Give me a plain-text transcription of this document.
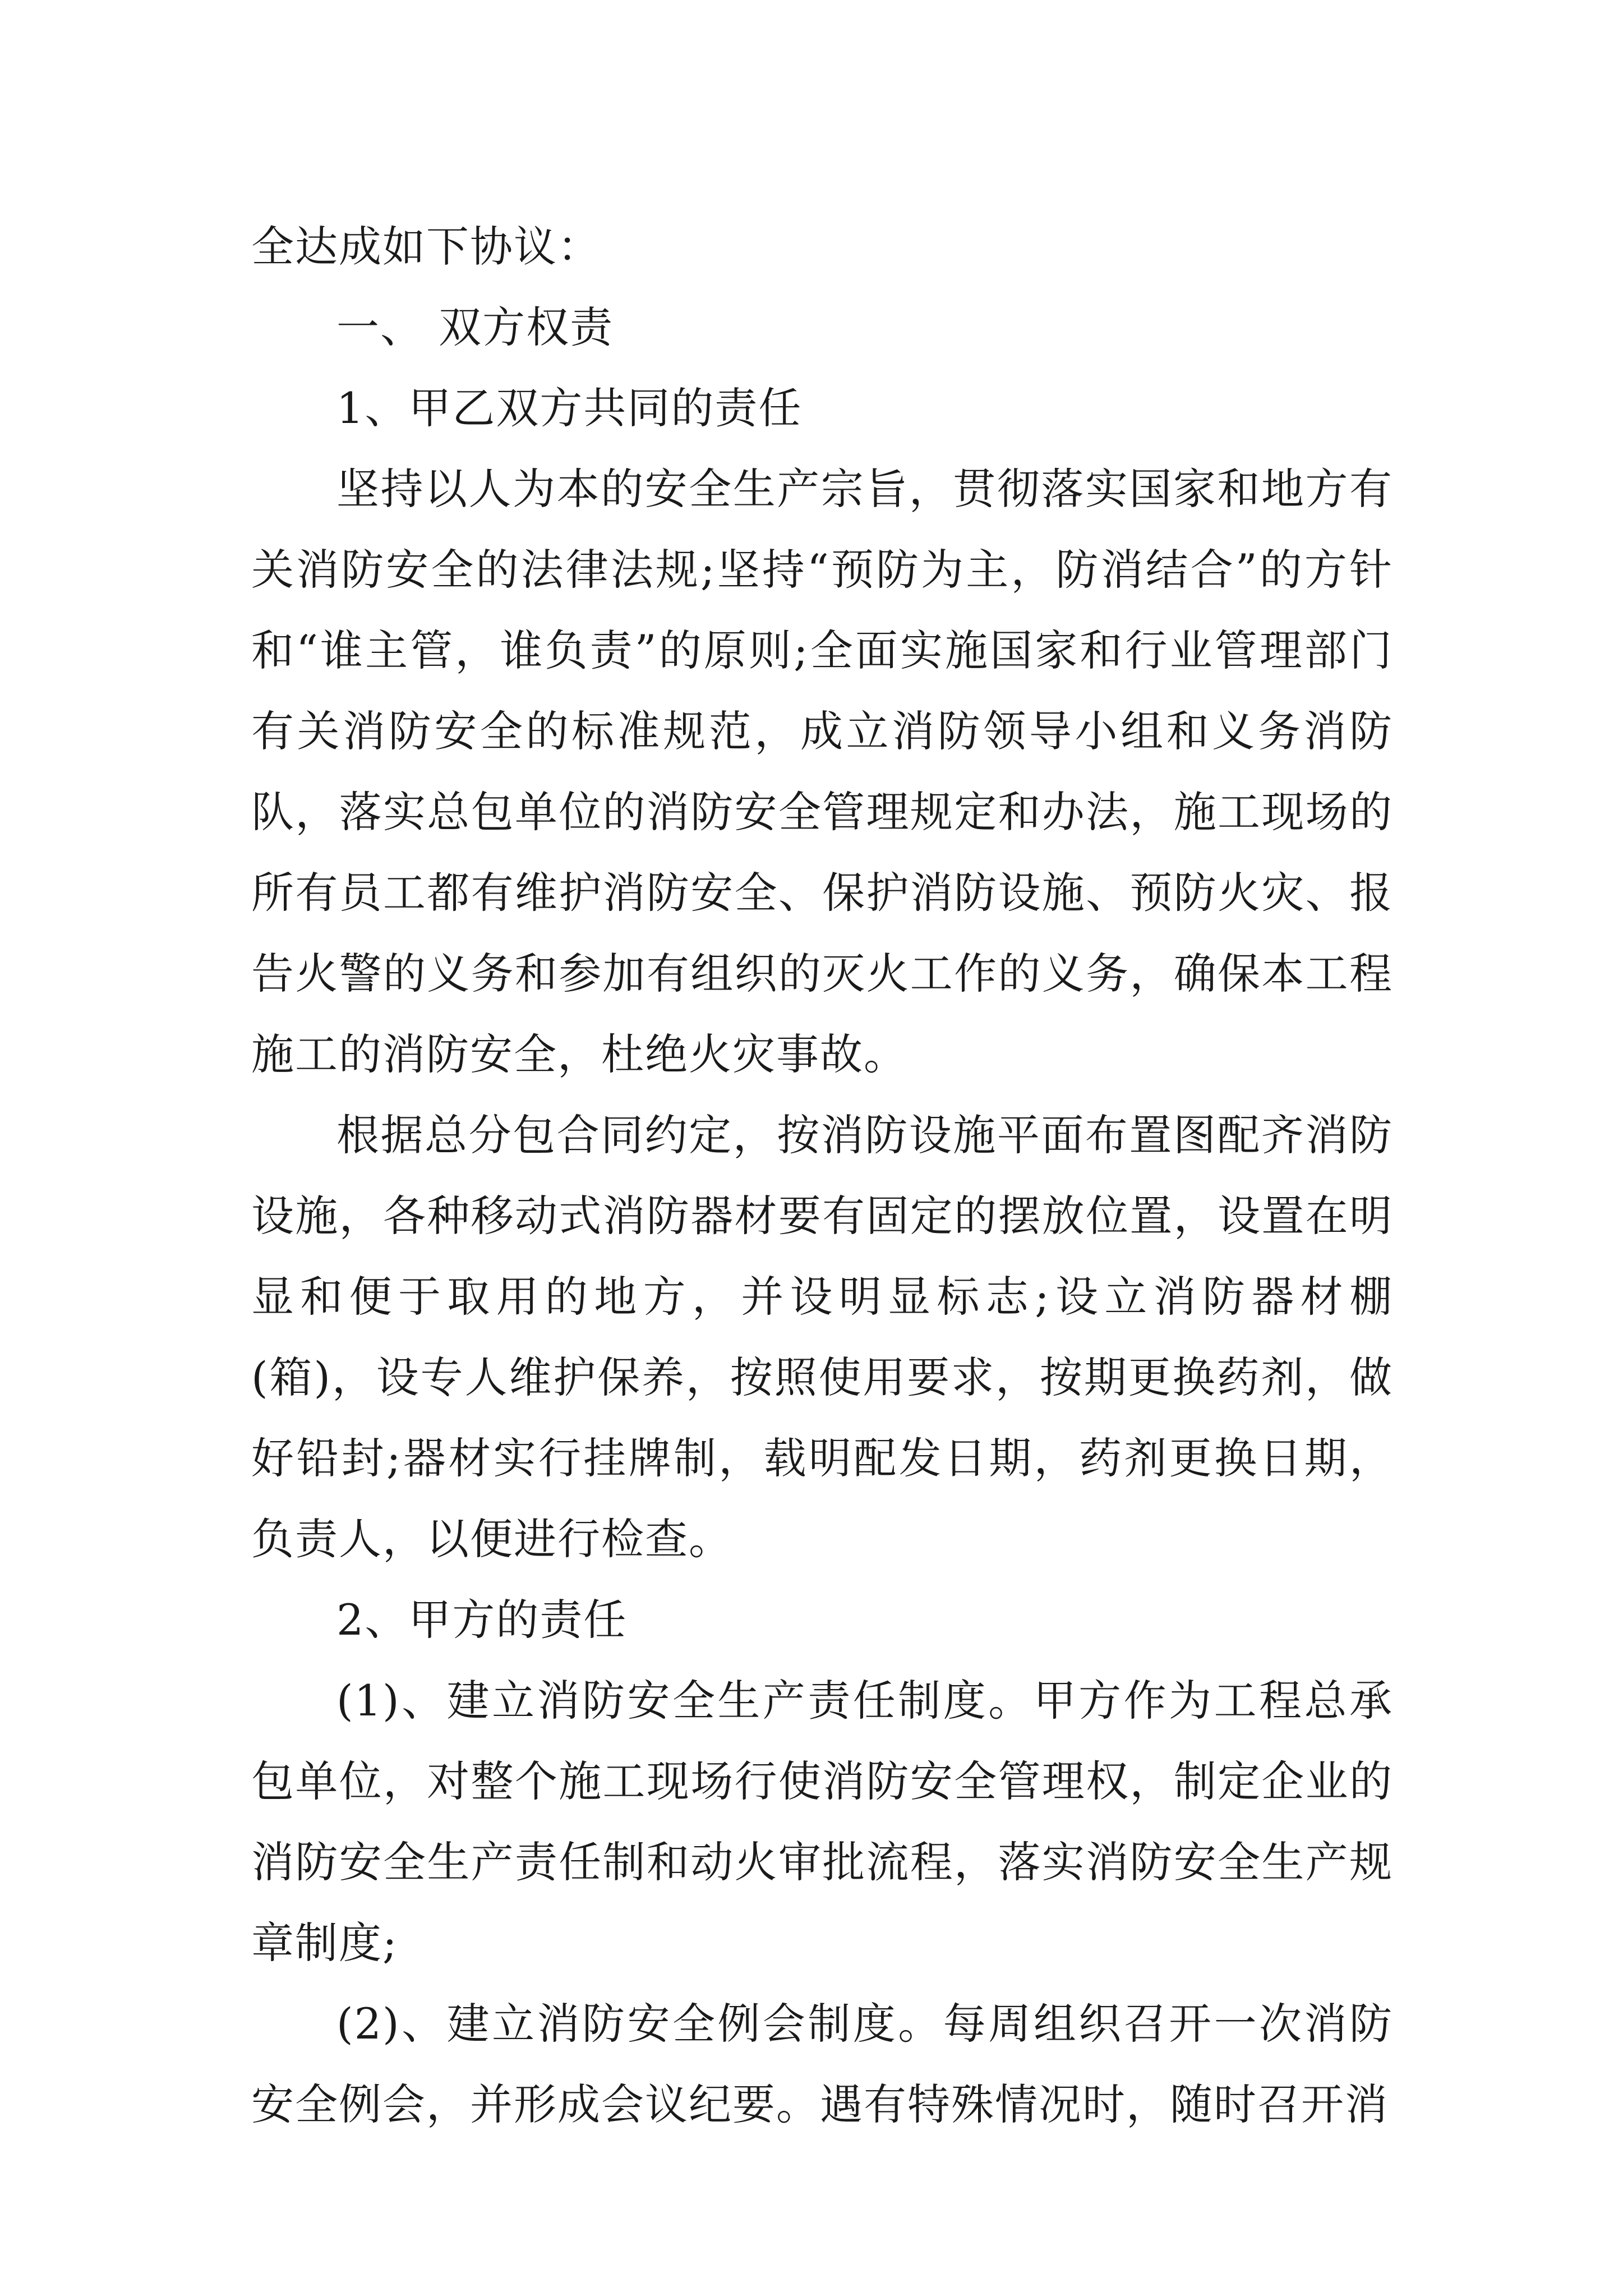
全达成如下协议：

一、 双方权责

1、甲乙双方共同的责任

坚持以人为本的安全生产宗旨，贯彻落实国家和地方有关消防安全的法律法规;坚持“预防为主，防消结合”的方针和“谁主管，谁负责”的原则;全面实施国家和行业管理部门有关消防安全的标准规范，成立消防领导小组和义务消防队，落实总包单位的消防安全管理规定和办法，施工现场的所有员工都有维护消防安全、保护消防设施、预防火灾、报告火警的义务和参加有组织的灭火工作的义务，确保本工程施工的消防安全，杜绝火灾事故。

根据总分包合同约定，按消防设施平面布置图配齐消防设施，各种移动式消防器材要有固定的摆放位置，设置在明显和便于取用的地方，并设明显标志;设立消防器材棚(箱)，设专人维护保养，按照使用要求，按期更换药剂，做好铅封;器材实行挂牌制，载明配发日期，药剂更换日期，负责人，以便进行检查。

2、甲方的责任

(1)、建立消防安全生产责任制度。甲方作为工程总承包单位，对整个施工现场行使消防安全管理权，制定企业的消防安全生产责任制和动火审批流程，落实消防安全生产规章制度;

(2)、建立消防安全例会制度。每周组织召开一次消防安全例会，并形成会议纪要。遇有特殊情况时，随时召开消
